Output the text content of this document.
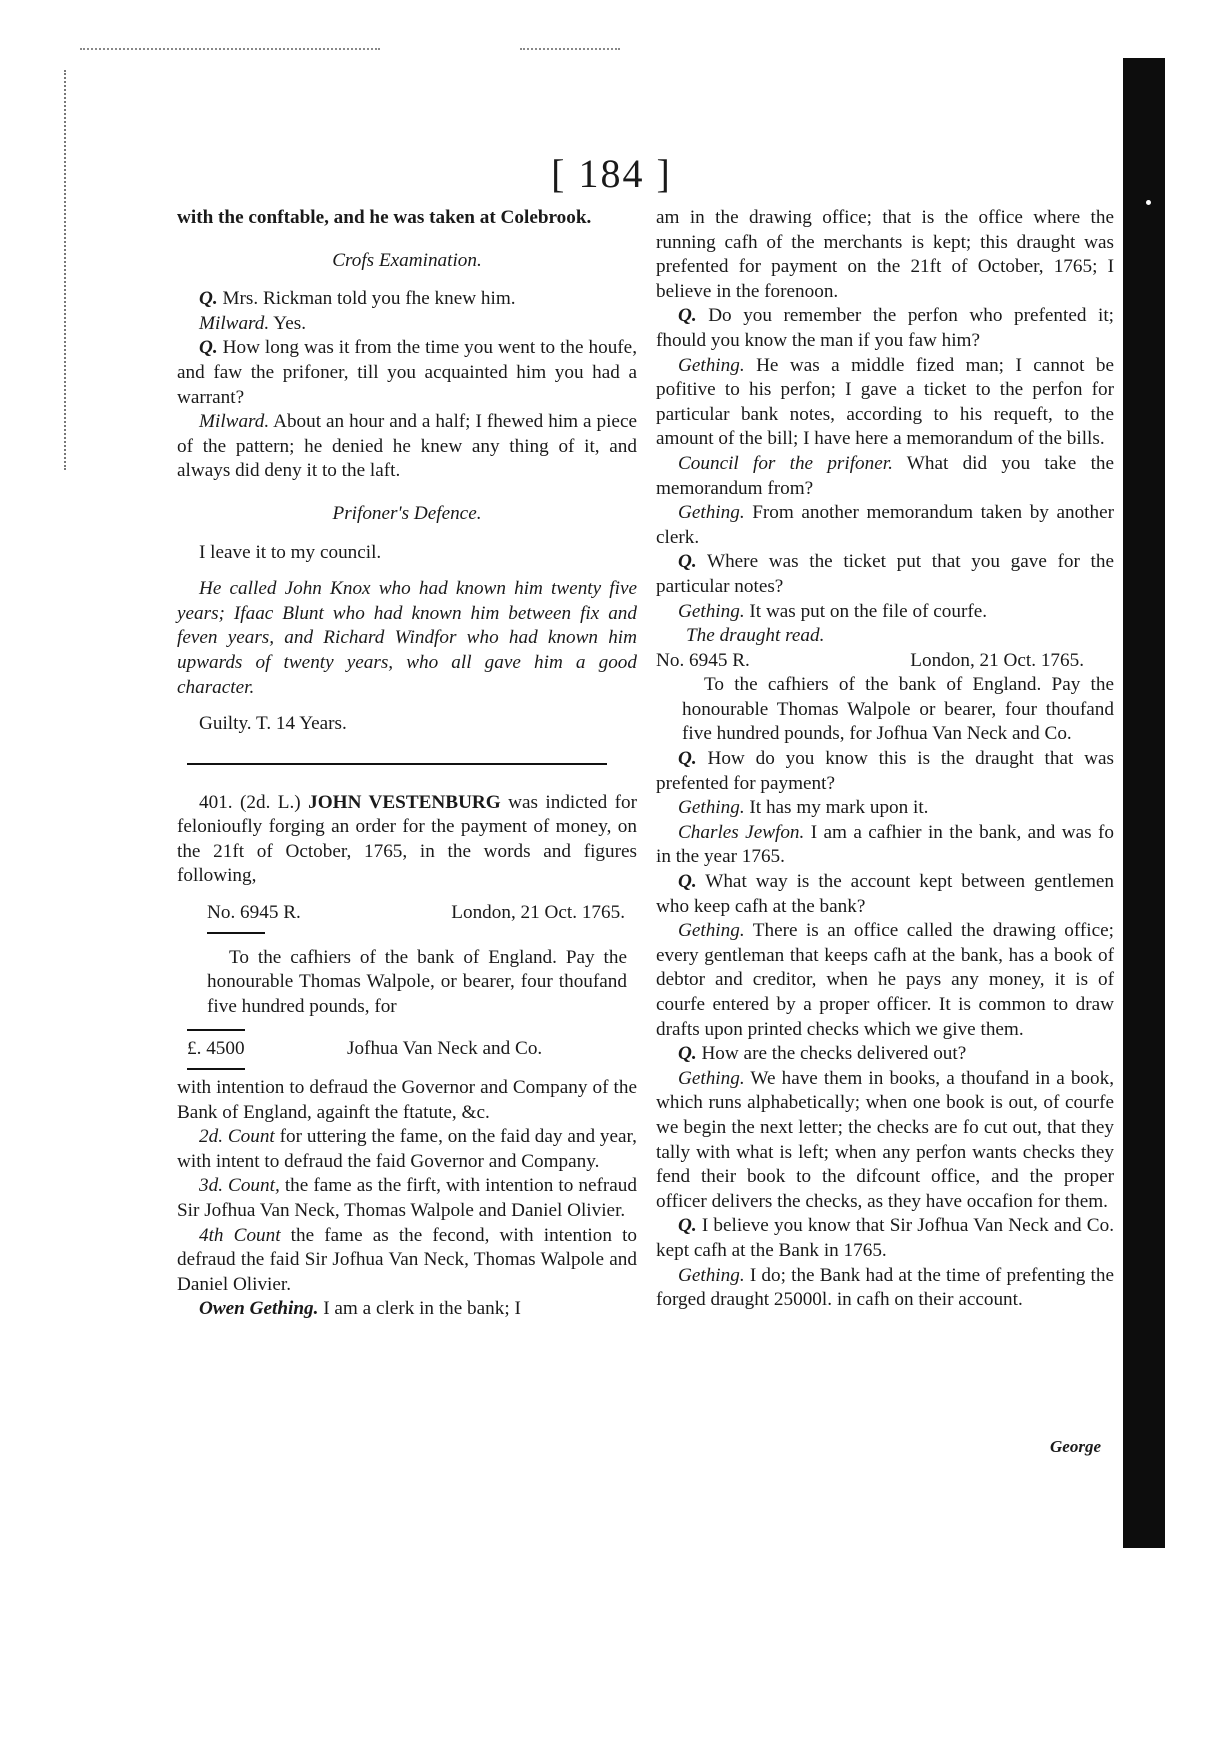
[ 184 ]

with the conftable, and he was taken at Colebrook.

Crofs Examination.

Q. Mrs. Rickman told you fhe knew him.

Milward. Yes.

Q. How long was it from the time you went to the houfe, and faw the prifoner, till you acquainted him you had a warrant?

Milward. About an hour and a half; I fhewed him a piece of the pattern; he denied he knew any thing of it, and always did deny it to the laft.

Prifoner's Defence.

I leave it to my council.

He called John Knox who had known him twenty five years; Ifaac Blunt who had known him between fix and feven years, and Richard Windfor who had known him upwards of twenty years, who all gave him a good character.

Guilty. T. 14 Years.

401. (2d. L.) JOHN VESTENBURG was indicted for felonioufly forging an order for the payment of money, on the 21ft of October, 1765, in the words and figures following,

No. 6945 R.	London, 21 Oct. 1765.

To the cafhiers of the bank of England. Pay the honourable Thomas Walpole, or bearer, four thoufand five hundred pounds, for

£. 4500	Jofhua Van Neck and Co.

with intention to defraud the Governor and Company of the Bank of England, againft the ftatute, &c.

2d. Count for uttering the fame, on the faid day and year, with intent to defraud the faid Governor and Company.

3d. Count, the fame as the firft, with intention to nefraud Sir Jofhua Van Neck, Thomas Walpole and Daniel Olivier.

4th Count the fame as the fecond, with intention to defraud the faid Sir Jofhua Van Neck, Thomas Walpole and Daniel Olivier.

Owen Gething. I am a clerk in the bank; I

am in the drawing office; that is the office where the running cafh of the merchants is kept; this draught was prefented for payment on the 21ft of October, 1765; I believe in the forenoon.

Q. Do you remember the perfon who prefented it; fhould you know the man if you faw him?

Gething. He was a middle fized man; I cannot be pofitive to his perfon; I gave a ticket to the perfon for particular bank notes, according to his requeft, to the amount of the bill; I have here a memorandum of the bills.

Council for the prifoner. What did you take the memorandum from?

Gething. From another memorandum taken by another clerk.

Q. Where was the ticket put that you gave for the particular notes?

Gething. It was put on the file of courfe.

The draught read.

No. 6945 R.	London, 21 Oct. 1765.

To the cafhiers of the bank of England. Pay the honourable Thomas Walpole or bearer, four thoufand five hundred pounds, for Jofhua Van Neck and Co.

Q. How do you know this is the draught that was prefented for payment?

Gething. It has my mark upon it.

Charles Jewfon. I am a cafhier in the bank, and was fo in the year 1765.

Q. What way is the account kept between gentlemen who keep cafh at the bank?

Gething. There is an office called the drawing office; every gentleman that keeps cafh at the bank, has a book of debtor and creditor, when he pays any money, it is of courfe entered by a proper officer. It is common to draw drafts upon printed checks which we give them.

Q. How are the checks delivered out?

Gething. We have them in books, a thoufand in a book, which runs alphabetically; when one book is out, of courfe we begin the next letter; the checks are fo cut out, that they tally with what is left; when any perfon wants checks they fend their book to the difcount office, and the proper officer delivers the checks, as they have occafion for them.

Q. I believe you know that Sir Jofhua Van Neck and Co. kept cafh at the Bank in 1765.

Gething. I do; the Bank had at the time of prefenting the forged draught 25000l. in cafh on their account.

George
